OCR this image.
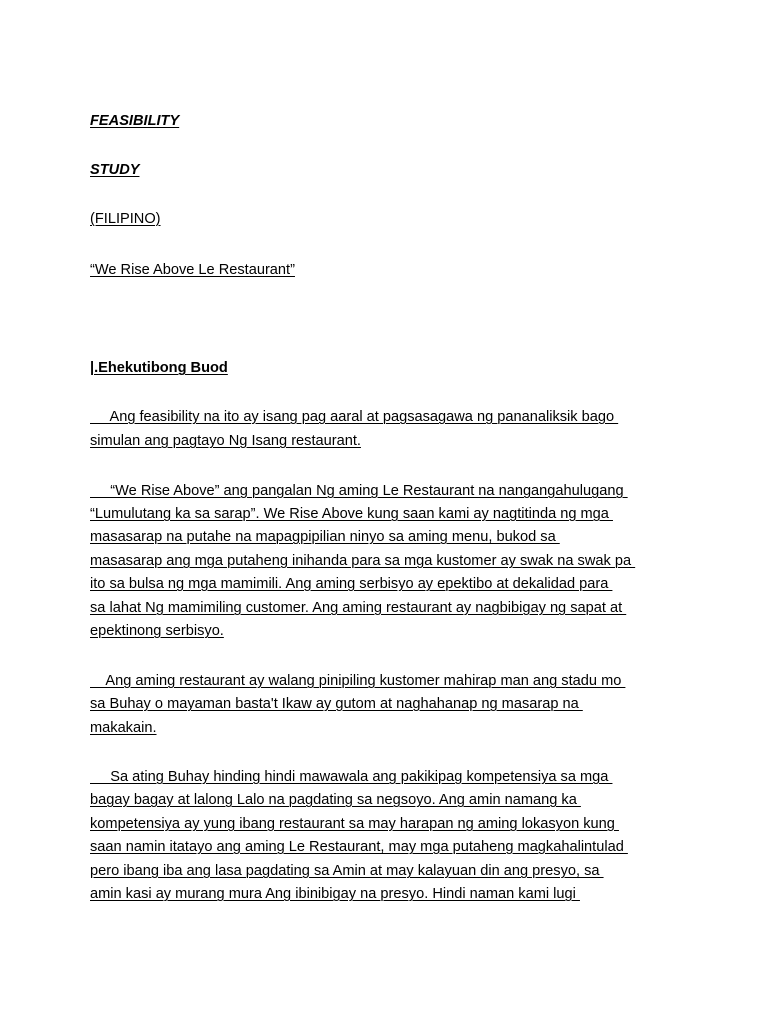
FEASIBILITY
STUDY
(FILIPINO)
“We Rise Above Le Restaurant”
|.Ehekutibong Buod
Ang feasibility na ito ay isang pag aaral at pagsasagawa ng pananaliksik bago
simulan ang pagtayo Ng Isang restaurant.
“We Rise Above” ang pangalan Ng aming Le Restaurant na nangangahulugang
“Lumulutang ka sa sarap”. We Rise Above kung saan kami ay nagtitinda ng mga
masasarap na putahe na mapagpipilian ninyo sa aming menu, bukod sa
masasarap ang mga putaheng inihanda para sa mga kustomer ay swak na swak pa
ito sa bulsa ng mga mamimili. Ang aming serbisyo ay epektibo at dekalidad para
sa lahat Ng mamimiling customer. Ang aming restaurant ay nagbibigay ng sapat at
epektinong serbisyo.
Ang aming restaurant ay walang pinipiling kustomer mahirap man ang stadu mo
sa Buhay o mayaman basta't Ikaw ay gutom at naghahanap ng masarap na
makakain.
Sa ating Buhay hinding hindi mawawala ang pakikipag kompetensiya sa mga
bagay bagay at lalong Lalo na pagdating sa negsoyo. Ang amin namang ka
kompetensiya ay yung ibang restaurant sa may harapan ng aming lokasyon kung
saan namin itatayo ang aming Le Restaurant, may mga putaheng magkahalintulad
pero ibang iba ang lasa pagdating sa Amin at may kalayuan din ang presyo, sa
amin kasi ay murang mura Ang ibinibigay na presyo. Hindi naman kami lugi
